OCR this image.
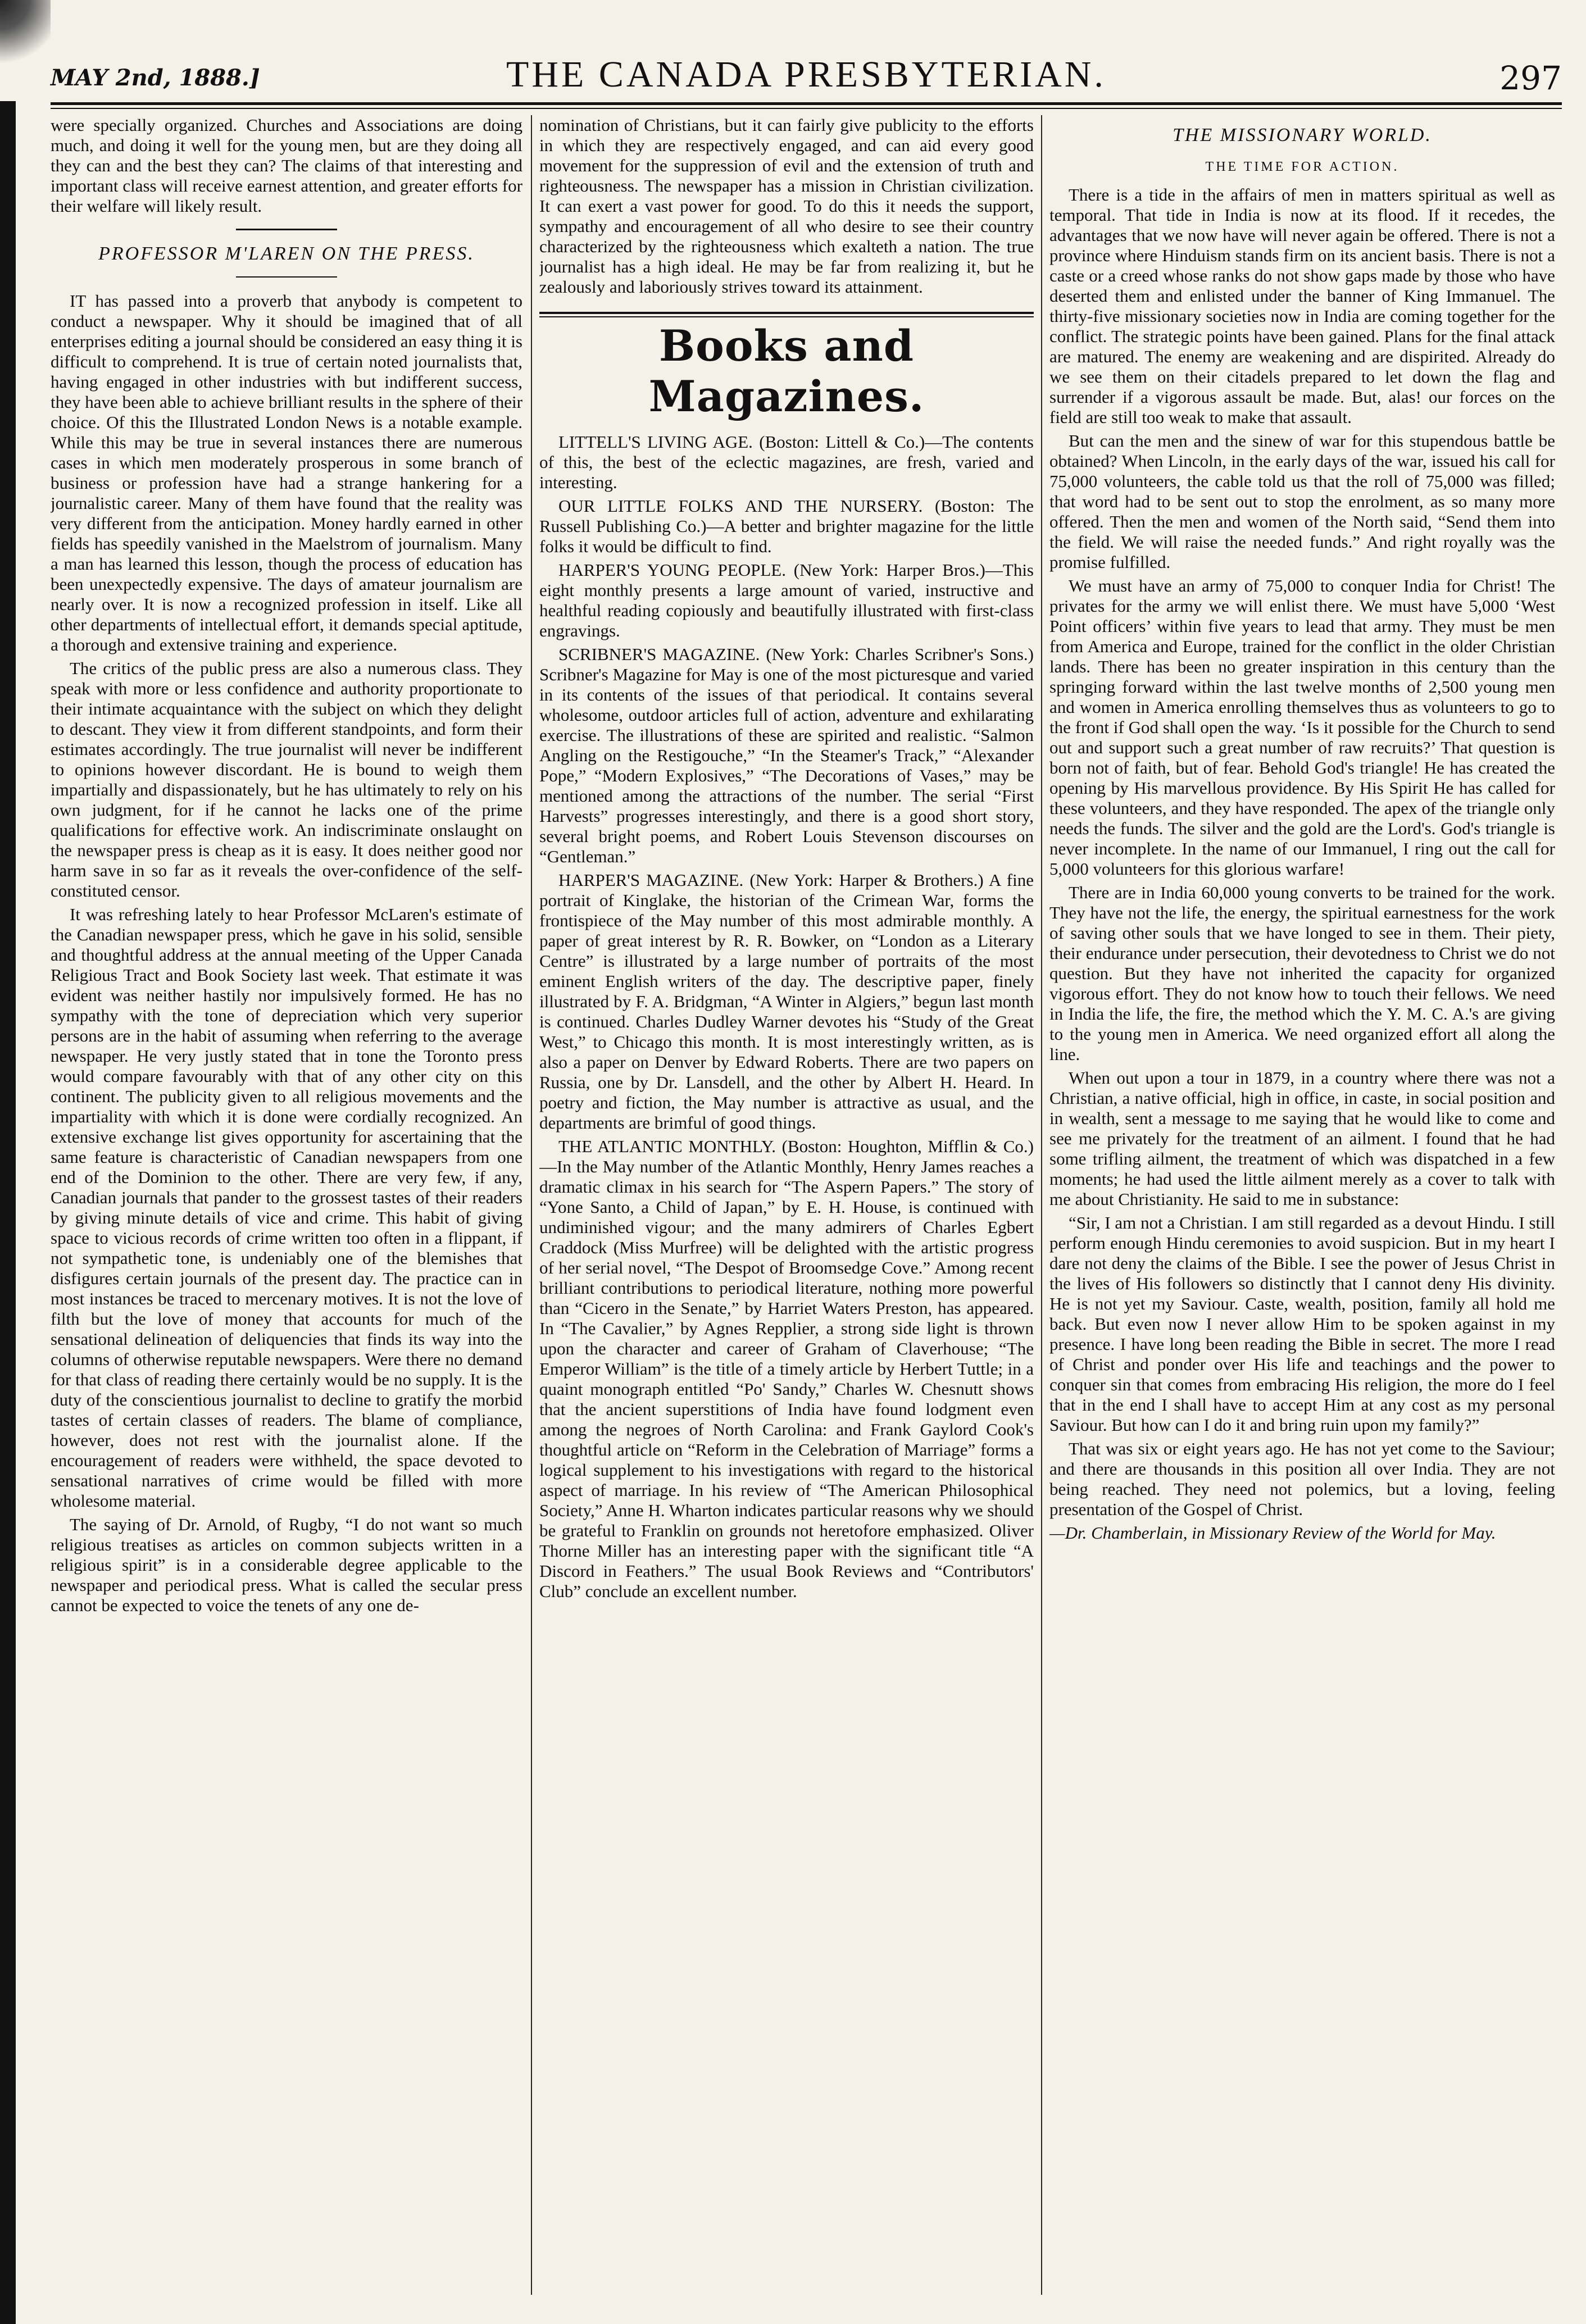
MAY 2nd, 1888.]	THE CANADA PRESBYTERIAN.	297

were specially organized. Churches and Associations are doing much, and doing it well for the young men, but are they doing all they can and the best they can? The claims of that interesting and important class will receive earnest attention, and greater efforts for their welfare will likely result.

PROFESSOR M'LAREN ON THE PRESS.

IT has passed into a proverb that anybody is competent to conduct a newspaper. Why it should be imagined that of all enterprises editing a journal should be considered an easy thing it is difficult to comprehend. It is true of certain noted journalists that, having engaged in other industries with but indifferent success, they have been able to achieve brilliant results in the sphere of their choice. Of this the Illustrated London News is a notable example. While this may be true in several instances there are numerous cases in which men moderately prosperous in some branch of business or profession have had a strange hankering for a journalistic career. Many of them have found that the reality was very different from the anticipation. Money hardly earned in other fields has speedily vanished in the Maelstrom of journalism. Many a man has learned this lesson, though the process of education has been unexpectedly expensive. The days of amateur journalism are nearly over. It is now a recognized profession in itself. Like all other departments of intellectual effort, it demands special aptitude, a thorough and extensive training and experience.

The critics of the public press are also a numerous class. They speak with more or less confidence and authority proportionate to their intimate acquaintance with the subject on which they delight to descant. They view it from different standpoints, and form their estimates accordingly. The true journalist will never be indifferent to opinions however discordant. He is bound to weigh them impartially and dispassionately, but he has ultimately to rely on his own judgment, for if he cannot he lacks one of the prime qualifications for effective work. An indiscriminate onslaught on the newspaper press is cheap as it is easy. It does neither good nor harm save in so far as it reveals the over-confidence of the self-constituted censor.

It was refreshing lately to hear Professor McLaren's estimate of the Canadian newspaper press, which he gave in his solid, sensible and thoughtful address at the annual meeting of the Upper Canada Religious Tract and Book Society last week. That estimate it was evident was neither hastily nor impulsively formed. He has no sympathy with the tone of depreciation which very superior persons are in the habit of assuming when referring to the average newspaper. He very justly stated that in tone the Toronto press would compare favourably with that of any other city on this continent. The publicity given to all religious movements and the impartiality with which it is done were cordially recognized. An extensive exchange list gives opportunity for ascertaining that the same feature is characteristic of Canadian newspapers from one end of the Dominion to the other. There are very few, if any, Canadian journals that pander to the grossest tastes of their readers by giving minute details of vice and crime. This habit of giving space to vicious records of crime written too often in a flippant, if not sympathetic tone, is undeniably one of the blemishes that disfigures certain journals of the present day. The practice can in most instances be traced to mercenary motives. It is not the love of filth but the love of money that accounts for much of the sensational delineation of deliquencies that finds its way into the columns of otherwise reputable newspapers. Were there no demand for that class of reading there certainly would be no supply. It is the duty of the conscientious journalist to decline to gratify the morbid tastes of certain classes of readers. The blame of compliance, however, does not rest with the journalist alone. If the encouragement of readers were withheld, the space devoted to sensational narratives of crime would be filled with more wholesome material.

The saying of Dr. Arnold, of Rugby, “I do not want so much religious treatises as articles on common subjects written in a religious spirit” is in a considerable degree applicable to the newspaper and periodical press. What is called the secular press cannot be expected to voice the tenets of any one de-

nomination of Christians, but it can fairly give publicity to the efforts in which they are respectively engaged, and can aid every good movement for the suppression of evil and the extension of truth and righteousness. The newspaper has a mission in Christian civilization. It can exert a vast power for good. To do this it needs the support, sympathy and encouragement of all who desire to see their country characterized by the righteousness which exalteth a nation. The true journalist has a high ideal. He may be far from realizing it, but he zealously and laboriously strives toward its attainment.

Books and Magazines.

LITTELL'S LIVING AGE. (Boston: Littell & Co.)—The contents of this, the best of the eclectic magazines, are fresh, varied and interesting.

OUR LITTLE FOLKS AND THE NURSERY. (Boston: The Russell Publishing Co.)—A better and brighter magazine for the little folks it would be difficult to find.

HARPER'S YOUNG PEOPLE. (New York: Harper Bros.)—This eight monthly presents a large amount of varied, instructive and healthful reading copiously and beautifully illustrated with first-class engravings.

SCRIBNER'S MAGAZINE. (New York: Charles Scribner's Sons.) Scribner's Magazine for May is one of the most picturesque and varied in its contents of the issues of that periodical. It contains several wholesome, outdoor articles full of action, adventure and exhilarating exercise. The illustrations of these are spirited and realistic. “Salmon Angling on the Restigouche,” “In the Steamer's Track,” “Alexander Pope,” “Modern Explosives,” “The Decorations of Vases,” may be mentioned among the attractions of the number. The serial “First Harvests” progresses interestingly, and there is a good short story, several bright poems, and Robert Louis Stevenson discourses on “Gentleman.”

HARPER'S MAGAZINE. (New York: Harper & Brothers.) A fine portrait of Kinglake, the historian of the Crimean War, forms the frontispiece of the May number of this most admirable monthly. A paper of great interest by R. R. Bowker, on “London as a Literary Centre” is illustrated by a large number of portraits of the most eminent English writers of the day. The descriptive paper, finely illustrated by F. A. Bridgman, “A Winter in Algiers,” begun last month is continued. Charles Dudley Warner devotes his “Study of the Great West,” to Chicago this month. It is most interestingly written, as is also a paper on Denver by Edward Roberts. There are two papers on Russia, one by Dr. Lansdell, and the other by Albert H. Heard. In poetry and fiction, the May number is attractive as usual, and the departments are brimful of good things.

THE ATLANTIC MONTHLY. (Boston: Houghton, Mifflin & Co.)—In the May number of the Atlantic Monthly, Henry James reaches a dramatic climax in his search for “The Aspern Papers.” The story of “Yone Santo, a Child of Japan,” by E. H. House, is continued with undiminished vigour; and the many admirers of Charles Egbert Craddock (Miss Murfree) will be delighted with the artistic progress of her serial novel, “The Despot of Broomsedge Cove.” Among recent brilliant contributions to periodical literature, nothing more powerful than “Cicero in the Senate,” by Harriet Waters Preston, has appeared. In “The Cavalier,” by Agnes Repplier, a strong side light is thrown upon the character and career of Graham of Claverhouse; “The Emperor William” is the title of a timely article by Herbert Tuttle; in a quaint monograph entitled “Po' Sandy,” Charles W. Chesnutt shows that the ancient superstitions of India have found lodgment even among the negroes of North Carolina: and Frank Gaylord Cook's thoughtful article on “Reform in the Celebration of Marriage” forms a logical supplement to his investigations with regard to the historical aspect of marriage. In his review of “The American Philosophical Society,” Anne H. Wharton indicates particular reasons why we should be grateful to Franklin on grounds not heretofore emphasized. Oliver Thorne Miller has an interesting paper with the significant title “A Discord in Feathers.” The usual Book Reviews and “Contributors' Club” conclude an excellent number.

THE MISSIONARY WORLD.
THE TIME FOR ACTION.

There is a tide in the affairs of men in matters spiritual as well as temporal. That tide in India is now at its flood. If it recedes, the advantages that we now have will never again be offered. There is not a province where Hinduism stands firm on its ancient basis. There is not a caste or a creed whose ranks do not show gaps made by those who have deserted them and enlisted under the banner of King Immanuel. The thirty-five missionary societies now in India are coming together for the conflict. The strategic points have been gained. Plans for the final attack are matured. The enemy are weakening and are dispirited. Already do we see them on their citadels prepared to let down the flag and surrender if a vigorous assault be made. But, alas! our forces on the field are still too weak to make that assault.

But can the men and the sinew of war for this stupendous battle be obtained? When Lincoln, in the early days of the war, issued his call for 75,000 volunteers, the cable told us that the roll of 75,000 was filled; that word had to be sent out to stop the enrolment, as so many more offered. Then the men and women of the North said, “Send them into the field. We will raise the needed funds.” And right royally was the promise fulfilled.

We must have an army of 75,000 to conquer India for Christ! The privates for the army we will enlist there. We must have 5,000 ‘West Point officers’ within five years to lead that army. They must be men from America and Europe, trained for the conflict in the older Christian lands. There has been no greater inspiration in this century than the springing forward within the last twelve months of 2,500 young men and women in America enrolling themselves thus as volunteers to go to the front if God shall open the way. ‘Is it possible for the Church to send out and support such a great number of raw recruits?’ That question is born not of faith, but of fear. Behold God's triangle! He has created the opening by His marvellous providence. By His Spirit He has called for these volunteers, and they have responded. The apex of the triangle only needs the funds. The silver and the gold are the Lord's. God's triangle is never incomplete. In the name of our Immanuel, I ring out the call for 5,000 volunteers for this glorious warfare!

There are in India 60,000 young converts to be trained for the work. They have not the life, the energy, the spiritual earnestness for the work of saving other souls that we have longed to see in them. Their piety, their endurance under persecution, their devotedness to Christ we do not question. But they have not inherited the capacity for organized vigorous effort. They do not know how to touch their fellows. We need in India the life, the fire, the method which the Y. M. C. A.'s are giving to the young men in America. We need organized effort all along the line.

When out upon a tour in 1879, in a country where there was not a Christian, a native official, high in office, in caste, in social position and in wealth, sent a message to me saying that he would like to come and see me privately for the treatment of an ailment. I found that he had some trifling ailment, the treatment of which was dispatched in a few moments; he had used the little ailment merely as a cover to talk with me about Christianity. He said to me in substance:

“Sir, I am not a Christian. I am still regarded as a devout Hindu. I still perform enough Hindu ceremonies to avoid suspicion. But in my heart I dare not deny the claims of the Bible. I see the power of Jesus Christ in the lives of His followers so distinctly that I cannot deny His divinity. He is not yet my Saviour. Caste, wealth, position, family all hold me back. But even now I never allow Him to be spoken against in my presence. I have long been reading the Bible in secret. The more I read of Christ and ponder over His life and teachings and the power to conquer sin that comes from embracing His religion, the more do I feel that in the end I shall have to accept Him at any cost as my personal Saviour. But how can I do it and bring ruin upon my family?”

That was six or eight years ago. He has not yet come to the Saviour; and there are thousands in this position all over India. They are not being reached. They need not polemics, but a loving, feeling presentation of the Gospel of Christ.

—Dr. Chamberlain, in Missionary Review of the World for May.
